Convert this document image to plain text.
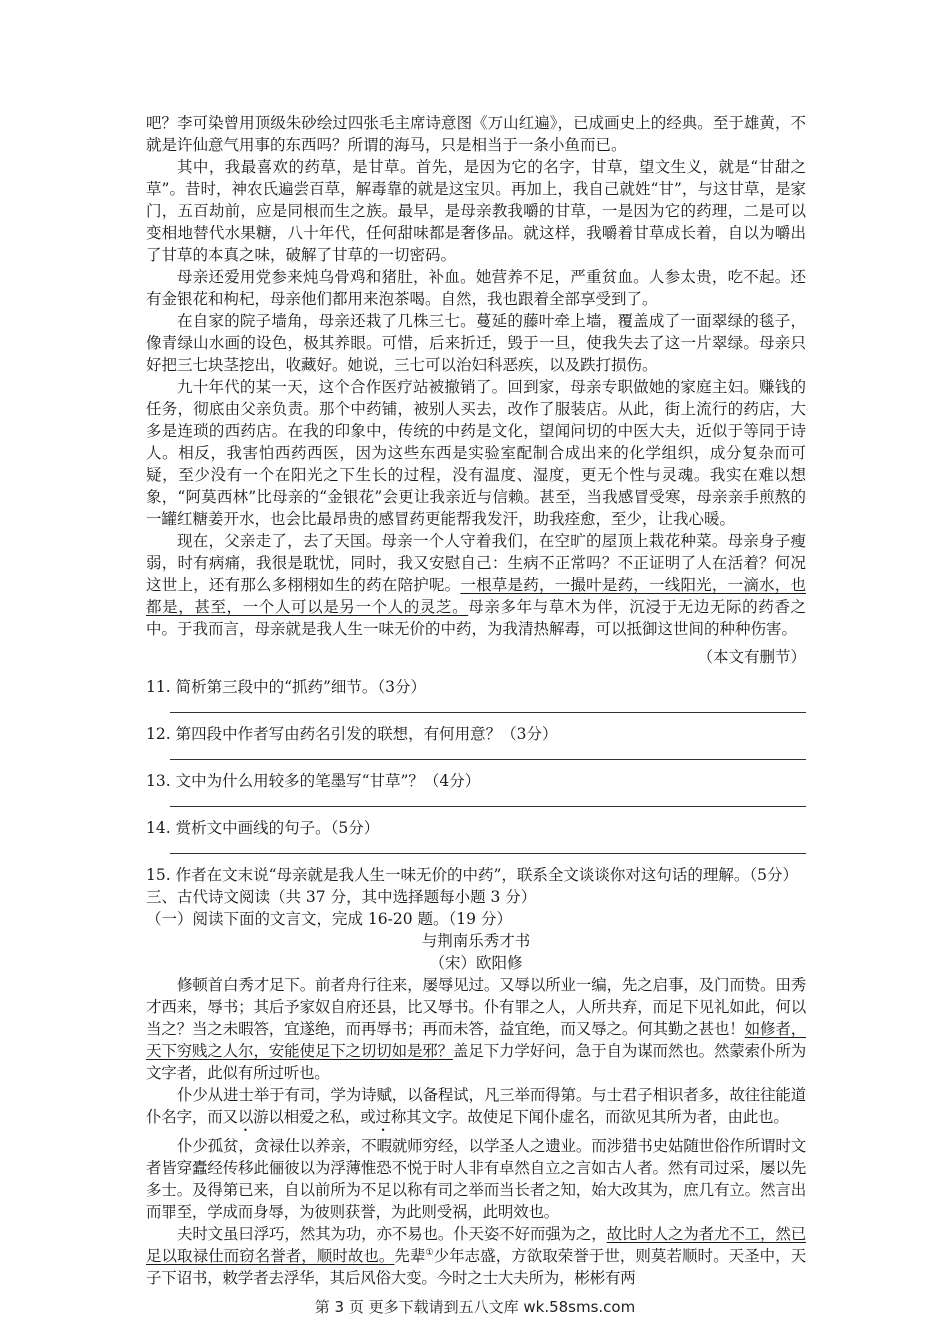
吧？李可染曾用顶级朱砂绘过四张毛主席诗意图《万山红遍》，已成画史上的经典。至于雄黄，不就是许仙意气用事的东西吗？所谓的海马，只是相当于一条小鱼而已。

其中，我最喜欢的药草，是甘草。首先，是因为它的名字，甘草，望文生义，就是“甘甜之草”。昔时，神农氏遍尝百草，解毒靠的就是这宝贝。再加上，我自己就姓“甘”，与这甘草，是家门，五百劫前，应是同根而生之族。最早，是母亲教我嚼的甘草，一是因为它的药理，二是可以变相地替代水果糖，八十年代，任何甜味都是奢侈品。就这样，我嚼着甘草成长着，自以为嚼出了甘草的本真之味，破解了甘草的一切密码。

母亲还爱用党参来炖乌骨鸡和猪肚，补血。她营养不足，严重贫血。人参太贵，吃不起。还有金银花和枸杞，母亲他们都用来泡茶喝。自然，我也跟着全部享受到了。

在自家的院子墙角，母亲还栽了几株三七。蔓延的藤叶牵上墙，覆盖成了一面翠绿的毯子，像青绿山水画的设色，极其养眼。可惜，后来折迁，毁于一旦，使我失去了这一片翠绿。母亲只好把三七块茎挖出，收藏好。她说，三七可以治妇科恶疾，以及跌打损伤。

九十年代的某一天，这个合作医疗站被撤销了。回到家，母亲专职做她的家庭主妇。赚钱的任务，彻底由父亲负责。那个中药铺，被别人买去，改作了服装店。从此，街上流行的药店，大多是连琐的西药店。在我的印象中，传统的中药是文化，望闻问切的中医大夫，近似于等同于诗人。相反，我害怕西药西医，因为这些东西是实验室配制合成出来的化学组织，成分复杂而可疑，至少没有一个在阳光之下生长的过程，没有温度、湿度，更无个性与灵魂。我实在难以想象，“阿莫西林”比母亲的“金银花”会更让我亲近与信赖。甚至，当我感冒受寒，母亲亲手煎熬的一罐红糖姜开水，也会比最昂贵的感冒药更能帮我发汗，助我痊愈，至少，让我心暖。

现在，父亲走了，去了天国。母亲一个人守着我们，在空旷的屋顶上栽花种菜。母亲身子瘦弱，时有病痛，我很是耽忧，同时，我又安慰自己：生病不正常吗？不正证明了人在活着？何况这世上，还有那么多栩栩如生的药在陪护呢。一根草是药，一撮叶是药，一线阳光，一滴水，也都是，甚至，一个人可以是另一个人的灵芝。母亲多年与草木为伴，沉浸于无边无际的药香之中。于我而言，母亲就是我人生一味无价的中药，为我清热解毒，可以抵御这世间的种种伤害。

（本文有删节）

11. 简析第三段中的“抓药”细节。（3分）

12. 第四段中作者写由药名引发的联想，有何用意？（3分）

13. 文中为什么用较多的笔墨写“甘草”？（4分）

14. 赏析文中画线的句子。（5分）

15. 作者在文末说“母亲就是我人生一味无价的中药”，联系全文谈谈你对这句话的理解。（5分）

三、古代诗文阅读（共 37 分，其中选择题每小题 3 分）

（一）阅读下面的文言文，完成 16-20 题。（19 分）

与荆南乐秀才书

（宋）欧阳修

修顿首白秀才足下。前者舟行往来，屡辱见过。又辱以所业一编，先之启事，及门而贽。田秀才西来，辱书；其后予家奴自府还县，比又辱书。仆有罪之人，人所共弃，而足下见礼如此，何以当之？当之未暇答，宜遂绝，而再辱书；再而未答，益宜绝，而又辱之。何其勤之甚也！如修者，天下穷贱之人尔，安能使足下之切切如是邪？盖足下力学好问，急于自为谋而然也。然蒙索仆所为文字者，此似有所过听也。

仆少从进士举于有司，学为诗赋，以备程试，凡三举而得第。与士君子相识者多，故往往能道仆名字，而又以游以相爱之私，或过称其文字。故使足下闻仆虚名，而欲见其所为者，由此也。

仆少孤贫，贪禄仕以养亲，不暇就师穷经，以学圣人之遗业。而涉猎书史姑随世俗作所谓时文者皆穿蠹经传移此俪彼以为浮薄惟恐不悦于时人非有卓然自立之言如古人者。然有司过采，屡以先多士。及得第已来，自以前所为不足以称有司之举而当长者之知，始大改其为，庶几有立。然言出而罪至，学成而身辱，为彼则获誉，为此则受祸，此明效也。

夫时文虽曰浮巧，然其为功，亦不易也。仆天姿不好而强为之，故比时人之为者尤不工，然已足以取禄仕而窃名誉者，顺时故也。先辈①少年志盛，方欲取荣誉于世，则莫若顺时。天圣中，天子下诏书，敕学者去浮华，其后风俗大变。今时之士大夫所为，彬彬有两

第 3 页 更多下载请到五八文库 wk.58sms.com
